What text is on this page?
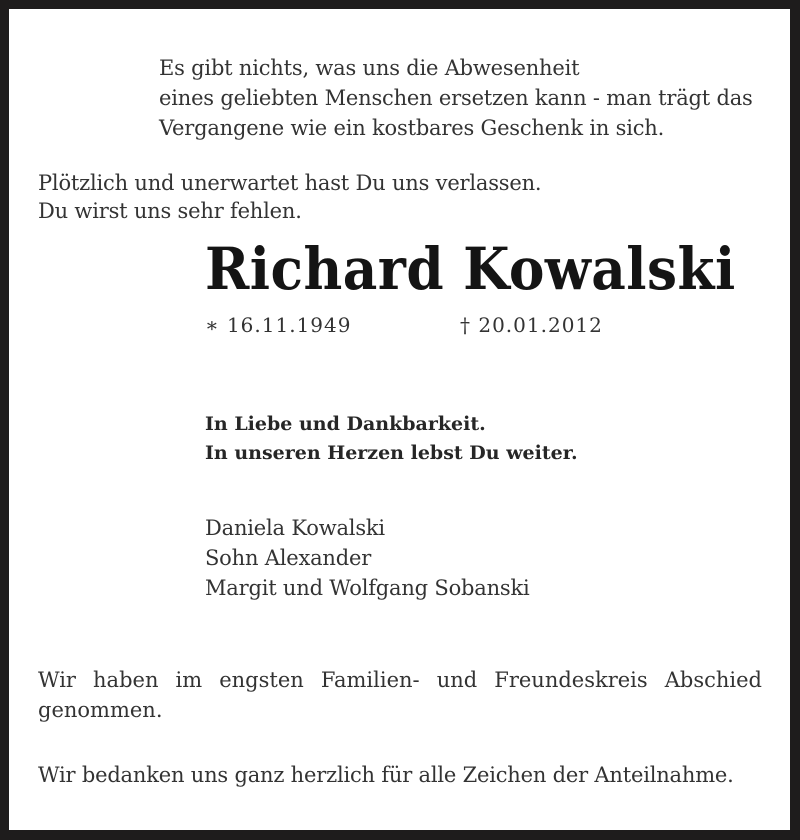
Es gibt nichts, was uns die Abwesenheit
eines geliebten Menschen ersetzen kann - man trägt das
Vergangene wie ein kostbares Geschenk in sich.
Plötzlich und unerwartet hast Du uns verlassen.
Du wirst uns sehr fehlen.
Richard Kowalski
∗ 16.11.1949	† 20.01.2012
In Liebe und Dankbarkeit.
In unseren Herzen lebst Du weiter.
Daniela Kowalski
Sohn Alexander
Margit und Wolfgang Sobanski
Wir haben im engsten Familien- und Freundeskreis Abschied
genommen.
Wir bedanken uns ganz herzlich für alle Zeichen der Anteilnahme.
